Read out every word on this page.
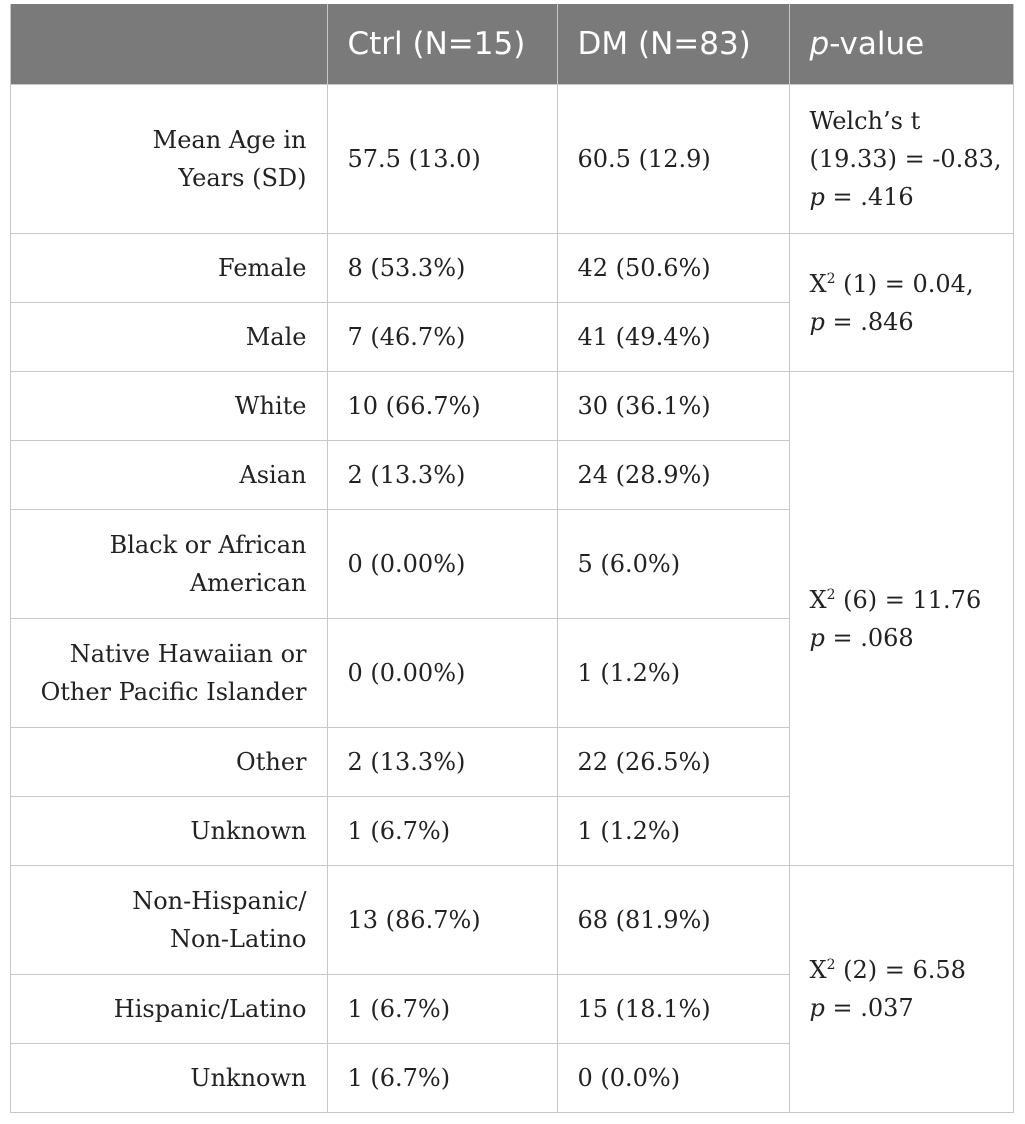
	Ctrl (N=15)	DM (N=83)	p-value
Mean Age in Years (SD)	57.5 (13.0)	60.5 (12.9)	Welch’s t
(19.33) = -0.83,
p = .416
Female	8 (53.3%)	42 (50.6%)	$X^2$ (1) = 0.04,
p = .846
Male	7 (46.7%)	41 (49.4%)	
White	10 (66.7%)	30 (36.1%)	$X^2$ (6) = 11.76
p = .068
Asian	2 (13.3%)	24 (28.9%)	
Black or African American	0 (0.00%)	5 (6.0%)	
Native Hawaiian or Other Pacific Islander	0 (0.00%)	1 (1.2%)	
Other	2 (13.3%)	22 (26.5%)	
Unknown	1 (6.7%)	1 (1.2%)	
Non-Hispanic/ Non-Latino	13 (86.7%)	68 (81.9%)	$X^2$ (2) = 6.58
p = .037
Hispanic/Latino	1 (6.7%)	15 (18.1%)	
Unknown	1 (6.7%)	0 (0.0%)	
